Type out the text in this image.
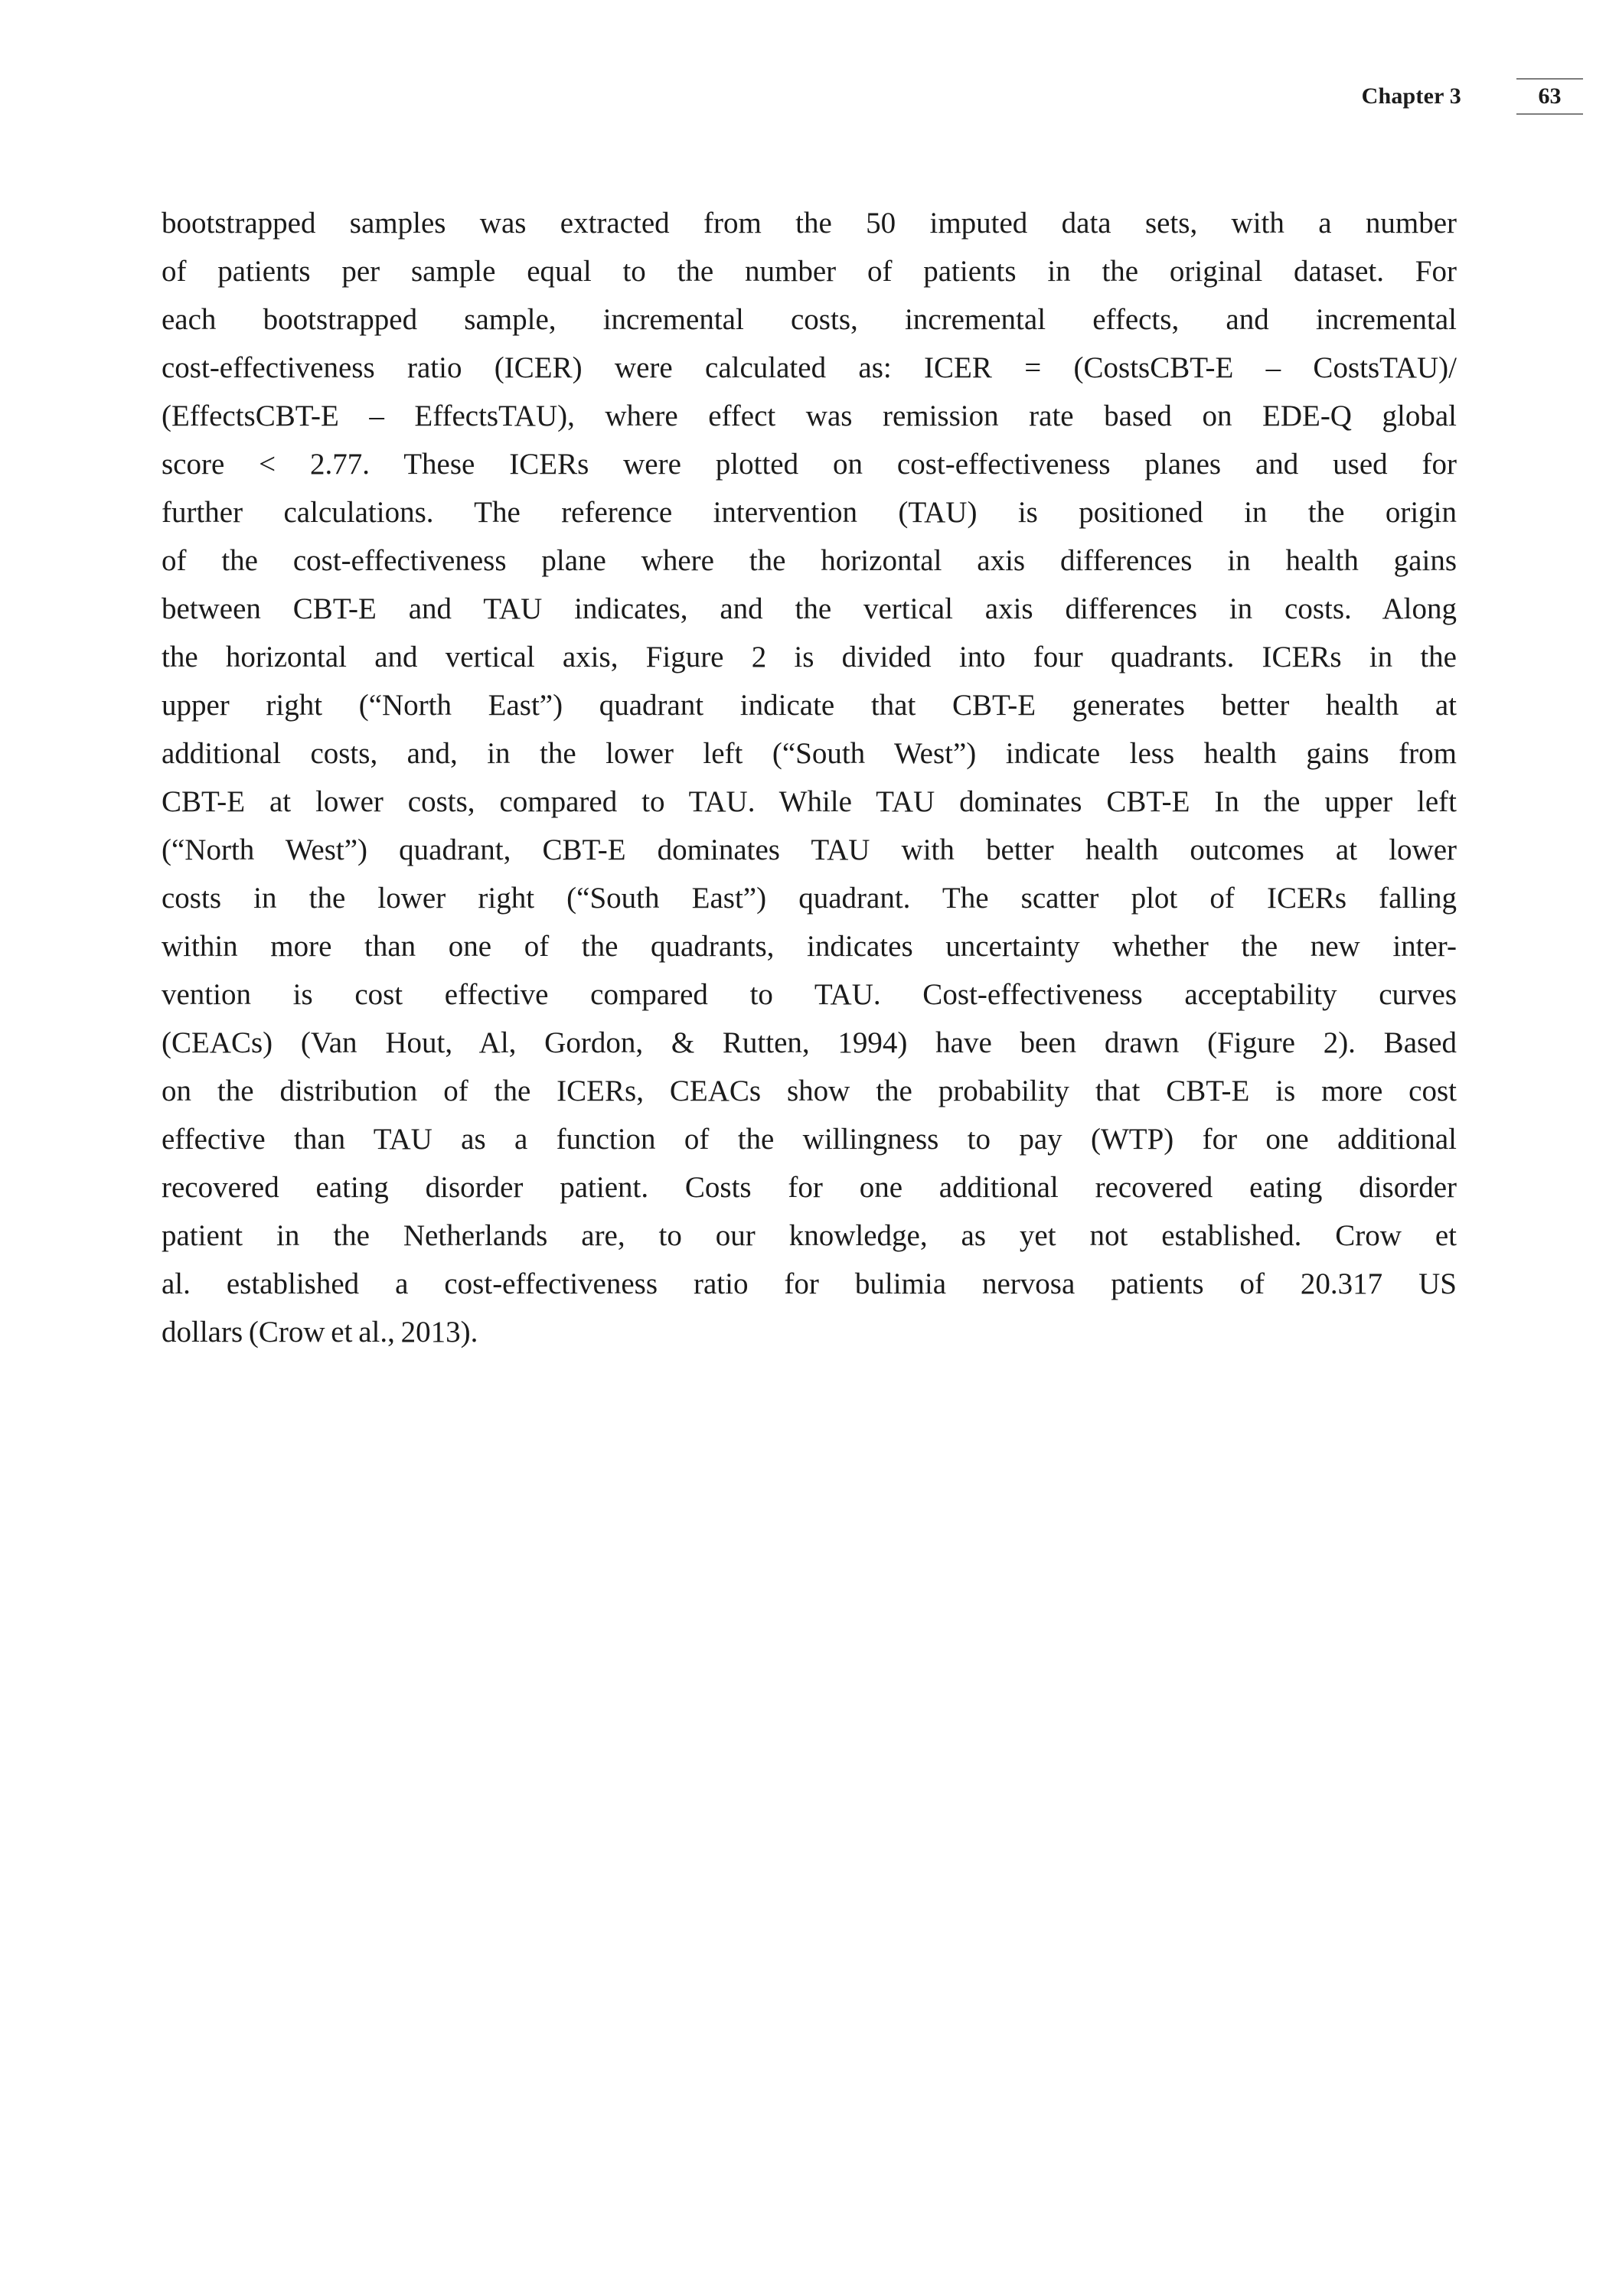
Chapter 3	63
bootstrapped samples was extracted from the 50 imputed data sets, with a number
of patients per sample equal to the number of patients in the original dataset. For
each bootstrapped sample, incremental costs, incremental effects, and incremental
cost-effectiveness ratio (ICER) were calculated as: ICER = (CostsCBT-E – CostsTAU)/
(EffectsCBT-E – EffectsTAU), where effect was remission rate based on EDE-Q global
score < 2.77. These ICERs were plotted on cost-effectiveness planes and used for
further calculations. The reference intervention (TAU) is positioned in the origin
of the cost-effectiveness plane where the horizontal axis differences in health gains
between CBT-E and TAU indicates, and the vertical axis differences in costs. Along
the horizontal and vertical axis, Figure 2 is divided into four quadrants. ICERs in the
upper right (“North East”) quadrant indicate that CBT-E generates better health at
additional costs, and, in the lower left (“South West”) indicate less health gains from
CBT-E at lower costs, compared to TAU. While TAU dominates CBT-E In the upper left
(“North West”) quadrant, CBT-E dominates TAU with better health outcomes at lower
costs in the lower right (“South East”) quadrant. The scatter plot of ICERs falling
within more than one of the quadrants, indicates uncertainty whether the new inter-
vention is cost effective compared to TAU. Cost-effectiveness acceptability curves
(CEACs) (Van Hout, Al, Gordon, & Rutten, 1994) have been drawn (Figure 2). Based
on the distribution of the ICERs, CEACs show the probability that CBT-E is more cost
effective than TAU as a function of the willingness to pay (WTP) for one additional
recovered eating disorder patient. Costs for one additional recovered eating disorder
patient in the Netherlands are, to our knowledge, as yet not established. Crow et
al. established a cost-effectiveness ratio for bulimia nervosa patients of 20.317 US
dollars (Crow et al., 2013).
